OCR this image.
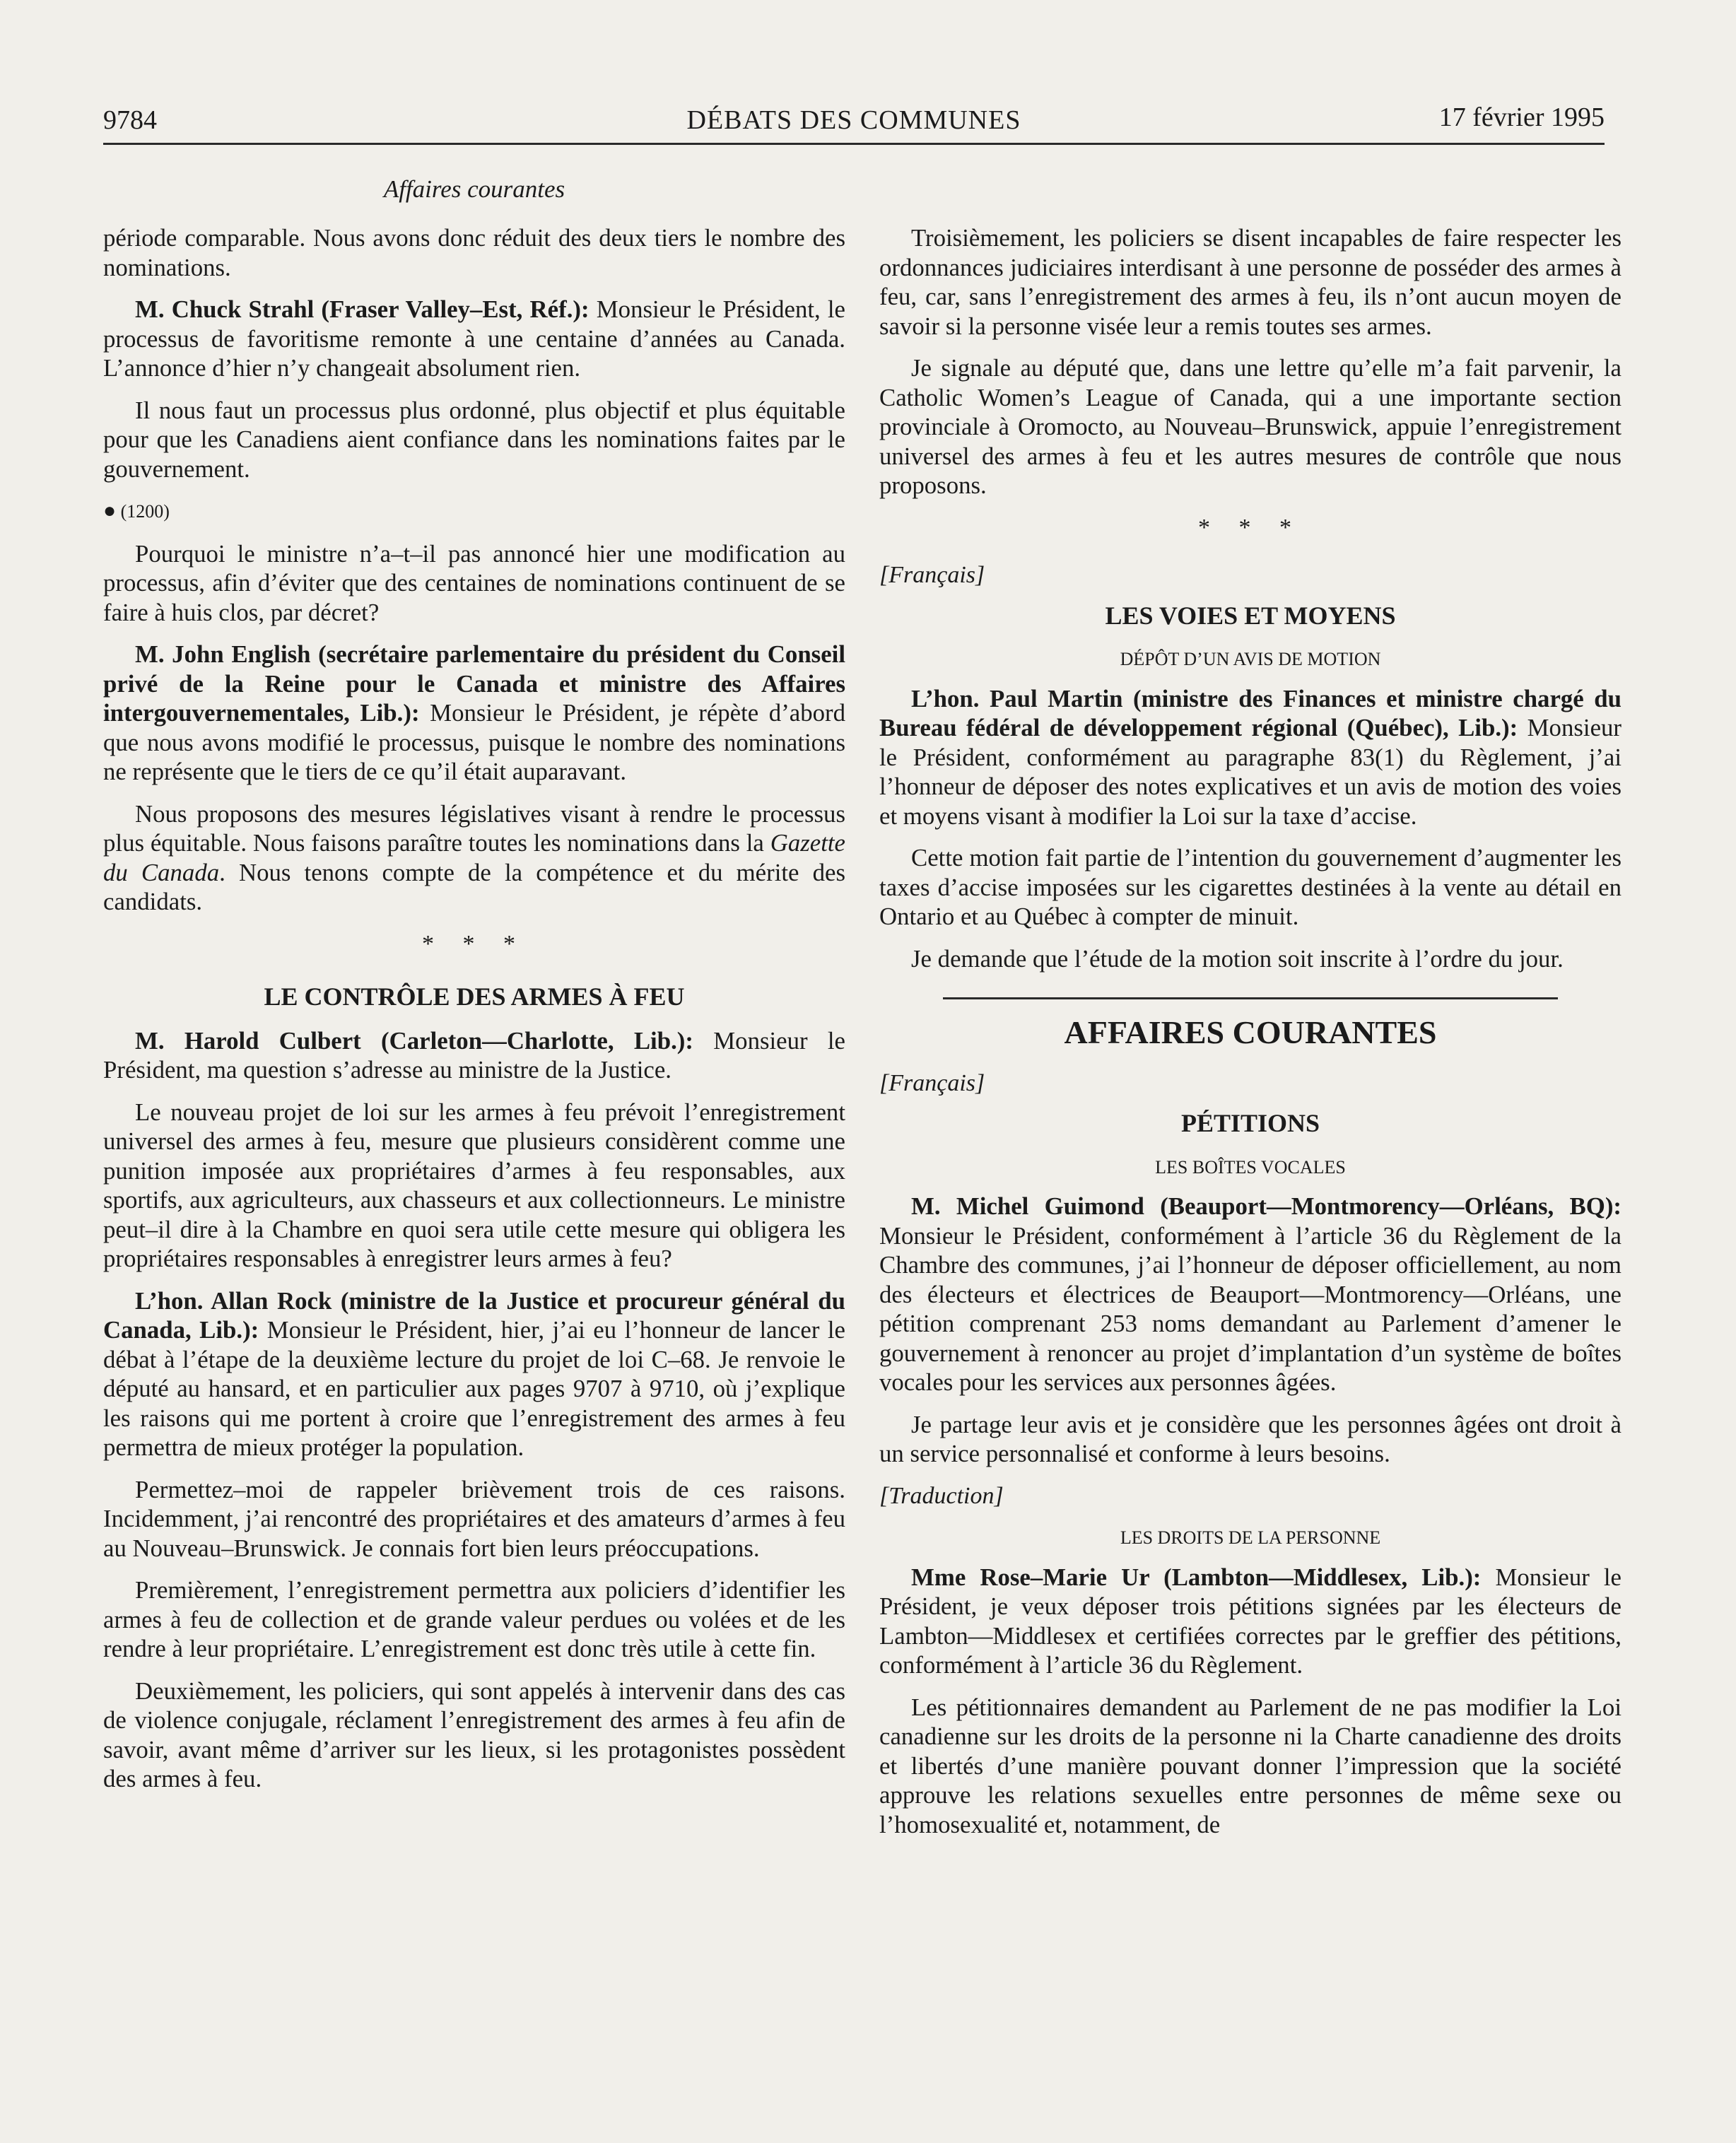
9784	DÉBATS DES COMMUNES	17 février 1995
Affaires courantes

période comparable. Nous avons donc réduit des deux tiers le nombre des nominations.

M. Chuck Strahl (Fraser Valley–Est, Réf.): Monsieur le Président, le processus de favoritisme remonte à une centaine d’années au Canada. L’annonce d’hier n’y changeait absolument rien.

Il nous faut un processus plus ordonné, plus objectif et plus équitable pour que les Canadiens aient confiance dans les nominations faites par le gouvernement.

● (1200)

Pourquoi le ministre n’a–t–il pas annoncé hier une modification au processus, afin d’éviter que des centaines de nominations continuent de se faire à huis clos, par décret?

M. John English (secrétaire parlementaire du président du Conseil privé de la Reine pour le Canada et ministre des Affaires intergouvernementales, Lib.): Monsieur le Président, je répète d’abord que nous avons modifié le processus, puisque le nombre des nominations ne représente que le tiers de ce qu’il était auparavant.

Nous proposons des mesures législatives visant à rendre le processus plus équitable. Nous faisons paraître toutes les nominations dans la Gazette du Canada. Nous tenons compte de la compétence et du mérite des candidats.

* * *
LE CONTRÔLE DES ARMES À FEU

M. Harold Culbert (Carleton—Charlotte, Lib.): Monsieur le Président, ma question s’adresse au ministre de la Justice.

Le nouveau projet de loi sur les armes à feu prévoit l’enregistrement universel des armes à feu, mesure que plusieurs considèrent comme une punition imposée aux propriétaires d’armes à feu responsables, aux sportifs, aux agriculteurs, aux chasseurs et aux collectionneurs. Le ministre peut–il dire à la Chambre en quoi sera utile cette mesure qui obligera les propriétaires responsables à enregistrer leurs armes à feu?

L’hon. Allan Rock (ministre de la Justice et procureur général du Canada, Lib.): Monsieur le Président, hier, j’ai eu l’honneur de lancer le débat à l’étape de la deuxième lecture du projet de loi C–68. Je renvoie le député au hansard, et en particulier aux pages 9707 à 9710, où j’explique les raisons qui me portent à croire que l’enregistrement des armes à feu permettra de mieux protéger la population.

Permettez–moi de rappeler brièvement trois de ces raisons. Incidemment, j’ai rencontré des propriétaires et des amateurs d’armes à feu au Nouveau–Brunswick. Je connais fort bien leurs préoccupations.

Premièrement, l’enregistrement permettra aux policiers d’identifier les armes à feu de collection et de grande valeur perdues ou volées et de les rendre à leur propriétaire. L’enregistrement est donc très utile à cette fin.

Deuxièmement, les policiers, qui sont appelés à intervenir dans des cas de violence conjugale, réclament l’enregistrement des armes à feu afin de savoir, avant même d’arriver sur les lieux, si les protagonistes possèdent des armes à feu.

Troisièmement, les policiers se disent incapables de faire respecter les ordonnances judiciaires interdisant à une personne de posséder des armes à feu, car, sans l’enregistrement des armes à feu, ils n’ont aucun moyen de savoir si la personne visée leur a remis toutes ses armes.

Je signale au député que, dans une lettre qu’elle m’a fait parvenir, la Catholic Women’s League of Canada, qui a une importante section provinciale à Oromocto, au Nouveau–Brunswick, appuie l’enregistrement universel des armes à feu et les autres mesures de contrôle que nous proposons.

* * *
[Français]
LES VOIES ET MOYENS
DÉPÔT D’UN AVIS DE MOTION

L’hon. Paul Martin (ministre des Finances et ministre chargé du Bureau fédéral de développement régional (Québec), Lib.): Monsieur le Président, conformément au paragraphe 83(1) du Règlement, j’ai l’honneur de déposer des notes explicatives et un avis de motion des voies et moyens visant à modifier la Loi sur la taxe d’accise.

Cette motion fait partie de l’intention du gouvernement d’augmenter les taxes d’accise imposées sur les cigarettes destinées à la vente au détail en Ontario et au Québec à compter de minuit.

Je demande que l’étude de la motion soit inscrite à l’ordre du jour.

AFFAIRES COURANTES
[Français]
PÉTITIONS
LES BOÎTES VOCALES

M. Michel Guimond (Beauport—Montmorency—Orléans, BQ): Monsieur le Président, conformément à l’article 36 du Règlement de la Chambre des communes, j’ai l’honneur de déposer officiellement, au nom des électeurs et électrices de Beauport—Montmorency—Orléans, une pétition comprenant 253 noms demandant au Parlement d’amener le gouvernement à renoncer au projet d’implantation d’un système de boîtes vocales pour les services aux personnes âgées.

Je partage leur avis et je considère que les personnes âgées ont droit à un service personnalisé et conforme à leurs besoins.

[Traduction]
LES DROITS DE LA PERSONNE

Mme Rose–Marie Ur (Lambton—Middlesex, Lib.): Monsieur le Président, je veux déposer trois pétitions signées par les électeurs de Lambton—Middlesex et certifiées correctes par le greffier des pétitions, conformément à l’article 36 du Règlement.

Les pétitionnaires demandent au Parlement de ne pas modifier la Loi canadienne sur les droits de la personne ni la Charte canadienne des droits et libertés d’une manière pouvant donner l’impression que la société approuve les relations sexuelles entre personnes de même sexe ou l’homosexualité et, notamment, de
